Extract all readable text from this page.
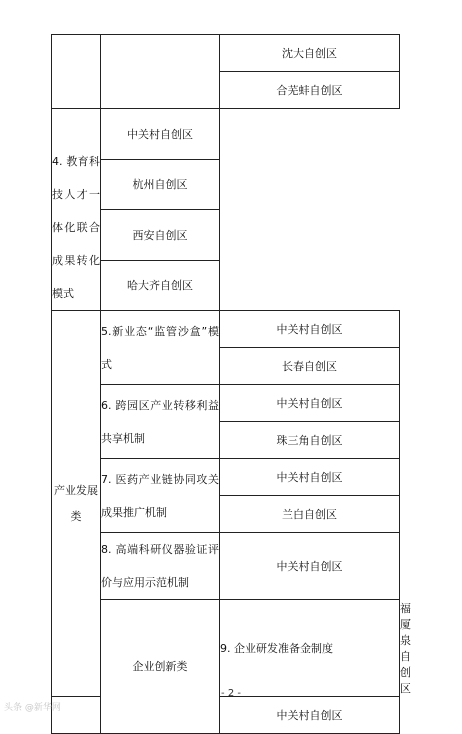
		沈大自创区	
		合芜蚌自创区	

4. 教育科技人才一体化联合成果转化模式	中关村自创区		
	杭州自创区		
	西安自创区		
	哈大齐自创区		
产业发展类	5.新业态“监管沙盒”模式	中关村自创区	
		长春自创区	
	6. 跨园区产业转移利益共享机制	中关村自创区	
		珠三角自创区	
	7. 医药产业链协同攻关成果推广机制	中关村自创区	
		兰白自创区	
	8. 高端科研仪器验证评价与应用示范机制	中关村自创区	
	企业创新类	9. 企业研发准备金制度	福厦泉自创区
		中关村自创区	
- 2 -
头条 @新华网
